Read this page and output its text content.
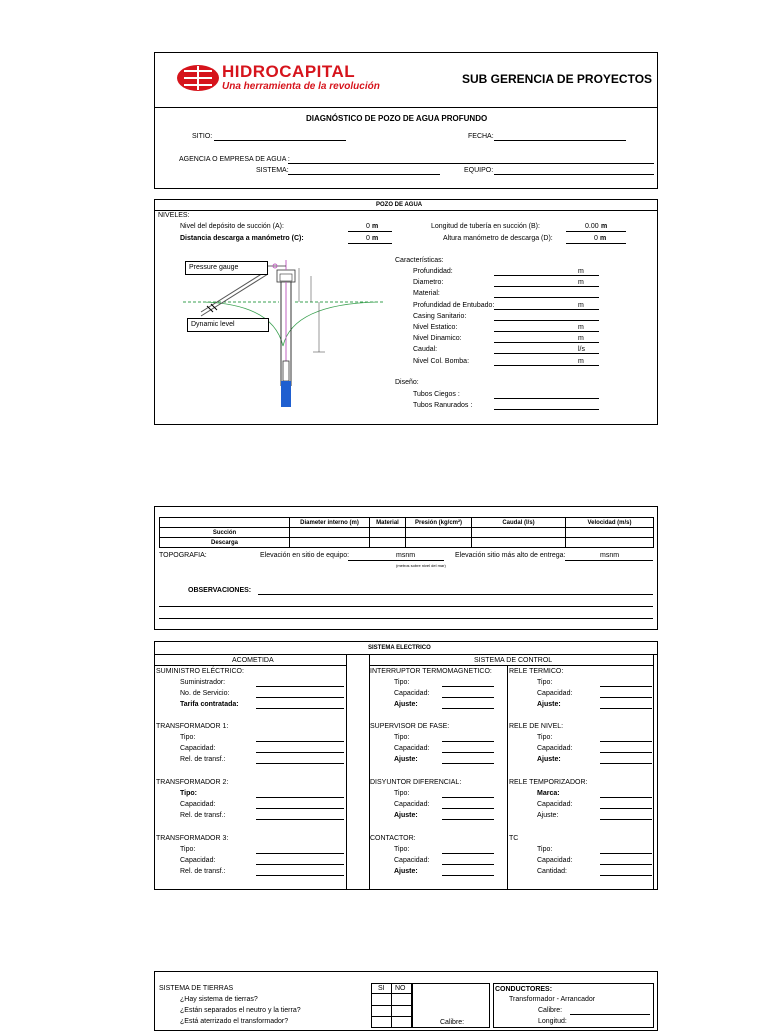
HIDROCAPITAL
Una herramienta de la revolución
SUB GERENCIA DE PROYECTOS
DIAGNÓSTICO DE POZO DE AGUA PROFUNDO
SITIO:	FECHA:
AGENCIA O EMPRESA DE AGUA :
SISTEMA:	EQUIPO:
POZO DE AGUA
NIVELES:
Nivel del depósito de succión (A):	0 m
Distancia descarga a manómetro (C):	0 m
Longitud de tubería en succión (B):	0.00 m
Altura manómetro de descarga (D):	0 m
Pressure gauge
Dynamic level
Características:
Profundidad:	m
Diametro:	m
Material:
Profundidad de Entubado:	m
Casing Sanitario:
Nivel Estatico:	m
Nivel Dinamico:	m
Caudal:	l/s
Nivel Col. Bomba:	m
Diseño:
Tubos Ciegos :
Tubos Ranurados :
	Diameter interno (m)	Material	Presión (kg/cm²)	Caudal (l/s)	Velocidad (m/s)
Succión					
Descarga					
TOPOGRAFIA:	Elevación en sitio de equipo:	msnm	Elevación sitio más alto de entrega:	msnm
(metros sobre nivel del mar)
OBSERVACIONES:
SISTEMA ELECTRICO
ACOMETIDA	SISTEMA DE CONTROL
SUMINISTRO ELÉCTRICO:
Suministrador:
No. de Servicio:
Tarifa contratada:
TRANSFORMADOR 1:
Tipo:
Capacidad:
Rel. de transf.:
TRANSFORMADOR 2:
Tipo:
Capacidad:
Rel. de transf.:
TRANSFORMADOR 3:
Tipo:
Capacidad:
Rel. de transf.:
INTERRUPTOR TERMOMAGNETICO:
Tipo:
Capacidad:
Ajuste:
SUPERVISOR DE FASE:
Tipo:
Capacidad:
Ajuste:
DISYUNTOR DIFERENCIAL:
Tipo:
Capacidad:
Ajuste:
CONTACTOR:
Tipo:
Capacidad:
Ajuste:
RELE TERMICO:
Tipo:
Capacidad:
Ajuste:
RELE DE NIVEL:
Tipo:
Capacidad:
Ajuste:
RELE TEMPORIZADOR:
Marca:
Capacidad:
Ajuste:
TC
Tipo:
Capacidad:
Cantidad:
SISTEMA DE TIERRAS	SI NO
¿Hay sistema de tierras?
¿Están separados el neutro y la tierra?
¿Está aterrizado el transformador?	Calibre:
CONDUCTORES:
Transformador - Arrancador
Calibre:
Longitud:
